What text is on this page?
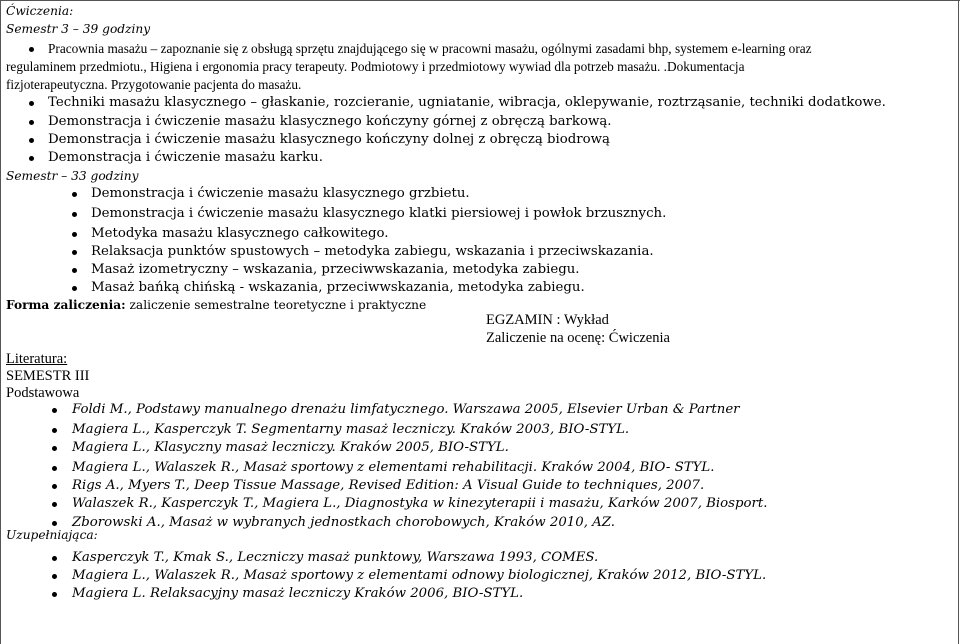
Ćwiczenia:
Semestr 3 – 39 godziny
Pracownia masażu – zapoznanie się z obsługą sprzętu znajdującego się w pracowni masażu, ogólnymi zasadami bhp, systemem e-learning oraz
regulaminem przedmiotu., Higiena i ergonomia pracy terapeuty. Podmiotowy i przedmiotowy wywiad dla potrzeb masażu. .Dokumentacja
fizjoterapeutyczna. Przygotowanie pacjenta do masażu.
Techniki masażu klasycznego – głaskanie, rozcieranie, ugniatanie, wibracja, oklepywanie, roztrząsanie, techniki dodatkowe.
Demonstracja i ćwiczenie masażu klasycznego kończyny górnej z obręczą barkową.
Demonstracja i ćwiczenie masażu klasycznego kończyny dolnej z obręczą biodrową
Demonstracja i ćwiczenie masażu karku.
Semestr – 33 godziny
Demonstracja i ćwiczenie masażu klasycznego grzbietu.
Demonstracja i ćwiczenie masażu klasycznego klatki piersiowej i powłok brzusznych.
Metodyka masażu klasycznego całkowitego.
Relaksacja punktów spustowych – metodyka zabiegu, wskazania i przeciwskazania.
Masaż izometryczny – wskazania, przeciwwskazania, metodyka zabiegu.
Masaż bańką chińską - wskazania, przeciwwskazania, metodyka zabiegu.
Forma zaliczenia: zaliczenie semestralne teoretyczne i praktyczne
EGZAMIN : Wykład
Zaliczenie na ocenę: Ćwiczenia
Literatura:
SEMESTR III
Podstawowa
Foldi M., Podstawy manualnego drenażu limfatycznego. Warszawa 2005, Elsevier Urban & Partner
Magiera L., Kasperczyk T. Segmentarny masaż leczniczy. Kraków 2003, BIO-STYL.
Magiera L., Klasyczny masaż leczniczy. Kraków 2005, BIO-STYL.
Magiera L., Walaszek R., Masaż sportowy z elementami rehabilitacji. Kraków 2004, BIO- STYL.
Rigs A., Myers T., Deep Tissue Massage, Revised Edition: A Visual Guide to techniques, 2007.
Walaszek R., Kasperczyk T., Magiera L., Diagnostyka w kinezyterapii i masażu, Karków 2007, Biosport.
Zborowski A., Masaż w wybranych jednostkach chorobowych, Kraków 2010, AZ.
Uzupełniająca:
Kasperczyk T., Kmak S., Leczniczy masaż punktowy, Warszawa 1993, COMES.
Magiera L., Walaszek R., Masaż sportowy z elementami odnowy biologicznej, Kraków 2012, BIO-STYL.
Magiera L. Relaksacyjny masaż leczniczy Kraków 2006, BIO-STYL.
